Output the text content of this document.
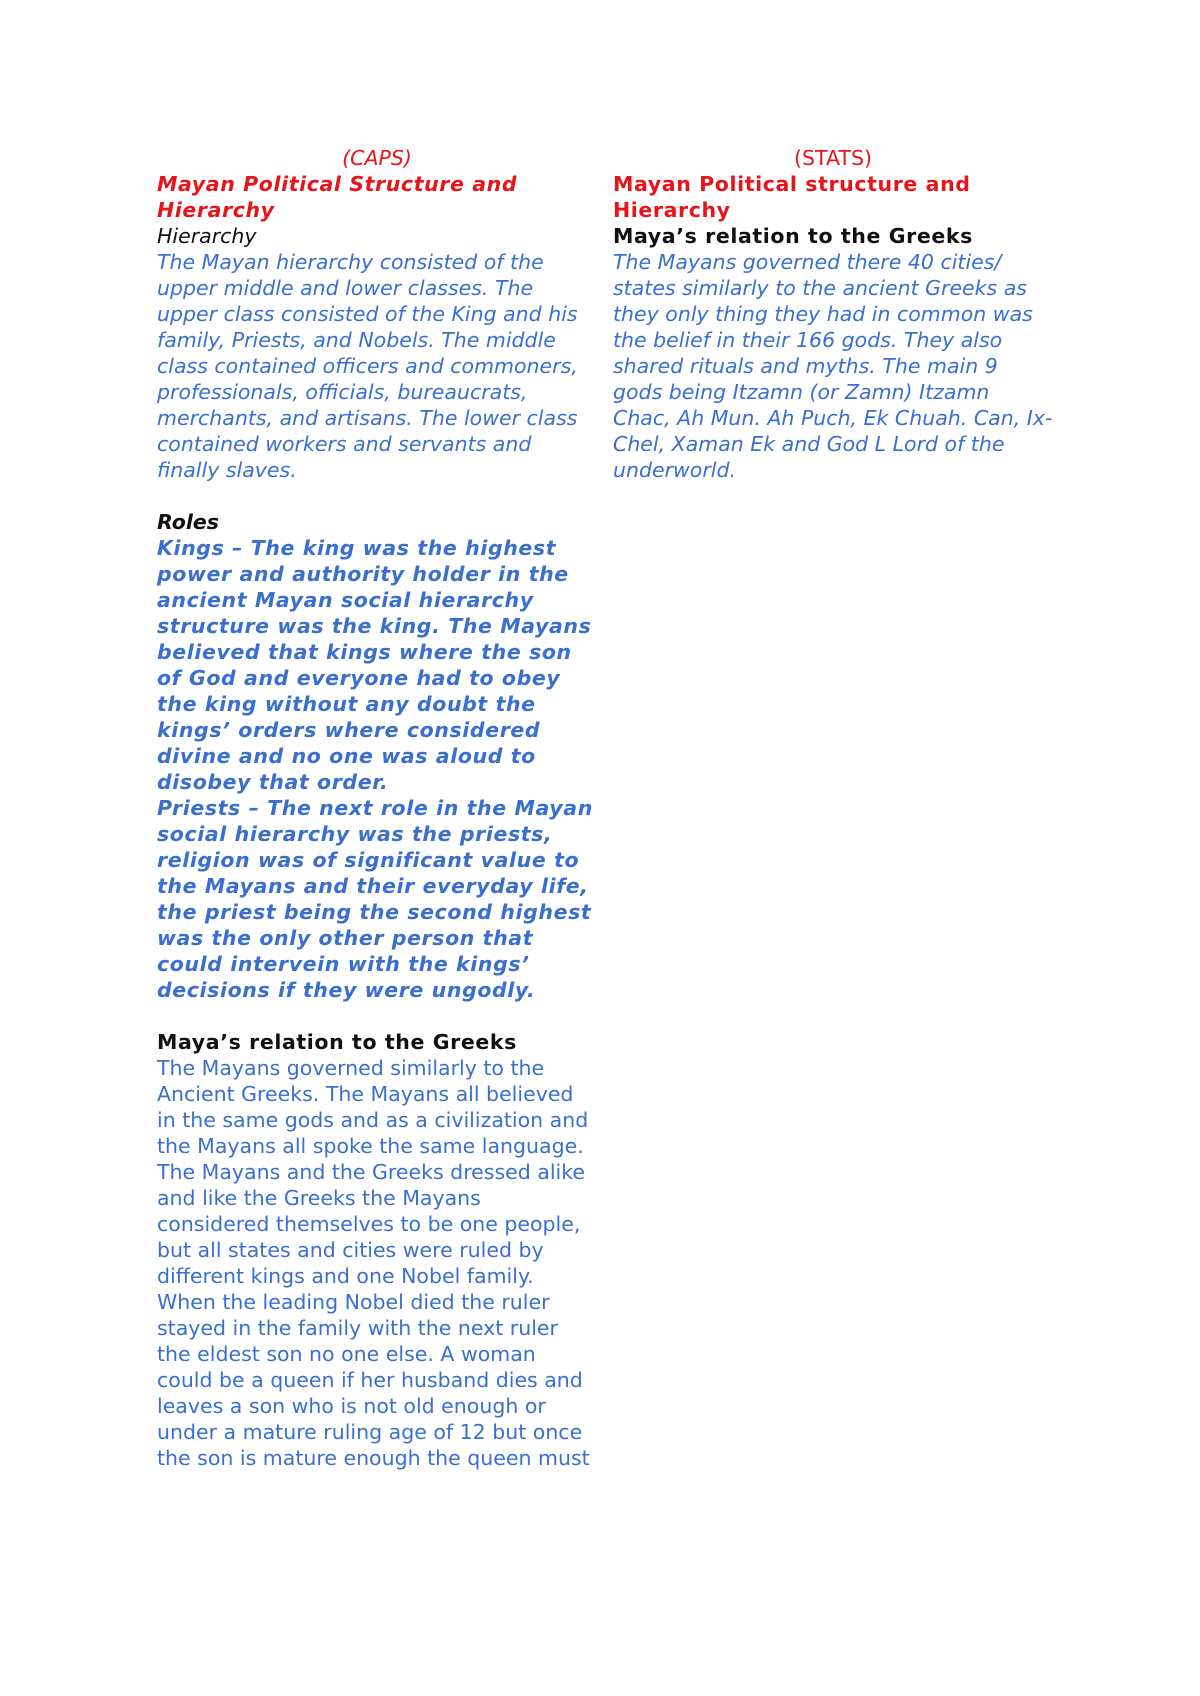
(CAPS)

Mayan Political Structure and Hierarchy

Hierarchy

The Mayan hierarchy consisted of the upper middle and lower classes. The upper class consisted of the King and his family, Priests, and Nobels. The middle class contained officers and commoners, professionals, officials, bureaucrats, merchants, and artisans. The lower class contained workers and servants and finally slaves.

Roles

Kings – The king was the highest power and authority holder in the ancient Mayan social hierarchy structure was the king. The Mayans believed that kings where the son of God and everyone had to obey the king without any doubt the kings’ orders where considered divine and no one was aloud to disobey that order.

Priests – The next role in the Mayan social hierarchy was the priests, religion was of significant value to the Mayans and their everyday life, the priest being the second highest was the only other person that could intervein with the kings’ decisions if they were ungodly.

Maya’s relation to the Greeks

The Mayans governed similarly to the Ancient Greeks. The Mayans all believed in the same gods and as a civilization and the Mayans all spoke the same language. The Mayans and the Greeks dressed alike and like the Greeks the Mayans considered themselves to be one people, but all states and cities were ruled by different kings and one Nobel family. When the leading Nobel died the ruler stayed in the family with the next ruler the eldest son no one else. A woman could be a queen if her husband dies and leaves a son who is not old enough or under a mature ruling age of 12 but once the son is mature enough the queen must

(STATS)

Mayan Political structure and Hierarchy

Maya’s relation to the Greeks

The Mayans governed there 40 cities/ states similarly to the ancient Greeks as they only thing they had in common was the belief in their 166 gods. They also shared rituals and myths. The main 9 gods being Itzamn (or Zamn) Itzamn Chac, Ah Mun. Ah Puch, Ek Chuah. Can, Ix- Chel, Xaman Ek and God L Lord of the underworld.
